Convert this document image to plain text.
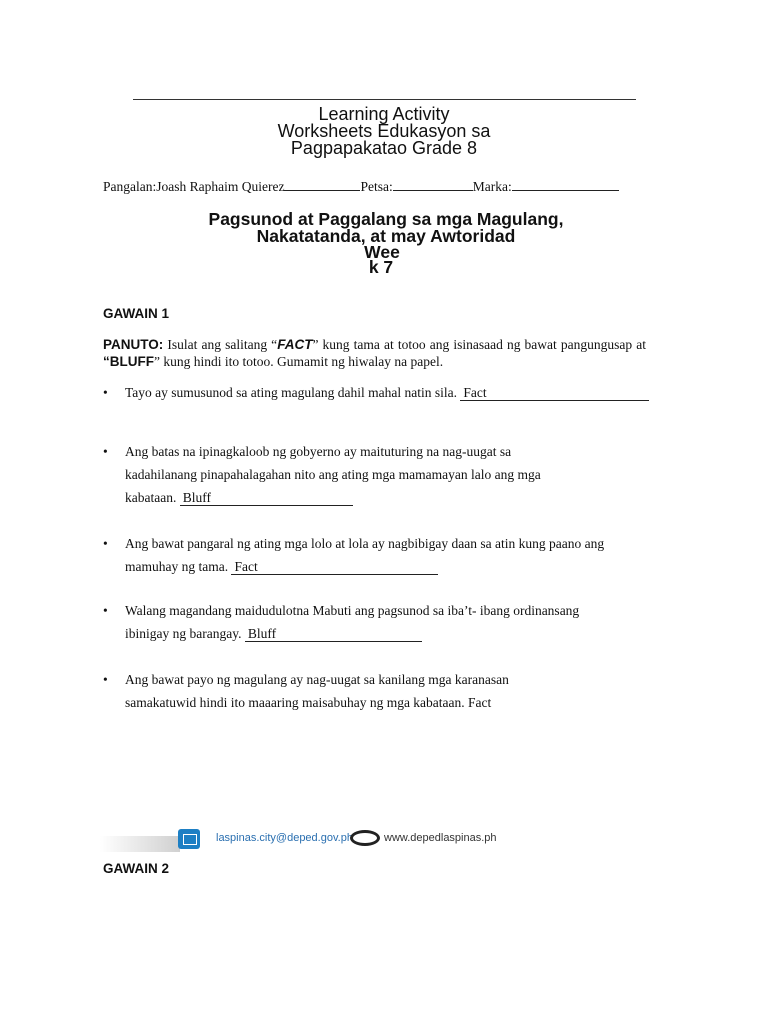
Learning Activity
Worksheets Edukasyon sa
Pagpapakatao Grade 8
Pangalan:Joash Raphaim Quierez	Petsa:	Marka:
Pagsunod at Paggalang sa mga Magulang,
Nakatatanda, at may Awtoridad
Wee
k 7
GAWAIN 1
PANUTO: Isulat ang salitang “FACT” kung tama at totoo ang isinasaad ng bawat pangungusap at “BLUFF” kung hindi ito totoo. Gumamit ng hiwalay na papel.
• Tayo ay sumusunod sa ating magulang dahil mahal natin sila. Fact
• Ang batas na ipinagkaloob ng gobyerno ay maituturing na nag-uugat sa
kadahilanang pinapahalagahan nito ang ating mga mamamayan lalo ang mga
kabataan. Bluff
• Ang bawat pangaral ng ating mga lolo at lola ay nagbibigay daan sa atin kung paano ang
mamuhay ng tama. Fact
• Walang magandang maidudulotna Mabuti ang pagsunod sa iba’t- ibang ordinansang
ibinigay ng barangay. Bluff
• Ang bawat payo ng magulang ay nag-uugat sa kanilang mga karanasan
samakatuwid hindi ito maaaring maisabuhay ng mga kabataan. Fact
laspinas.city@deped.gov.ph	www.depedlaspinas.ph
GAWAIN 2
